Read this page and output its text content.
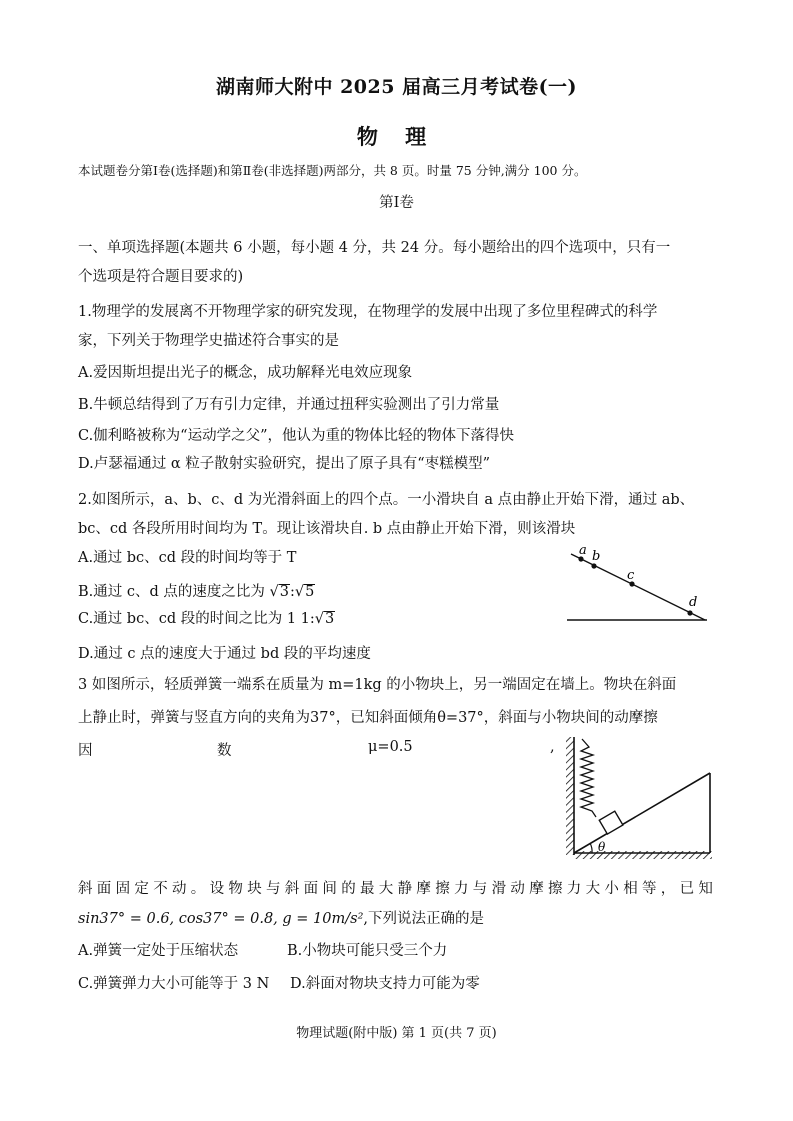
湖南师大附中 2025 届高三月考试卷(一)
物 理
本试题卷分第Ⅰ卷(选择题)和第Ⅱ卷(非选择题)两部分，共 8 页。时量 75 分钟,满分 100 分。
第Ⅰ卷
一、单项选择题(本题共 6 小题，每小题 4 分，共 24 分。每小题给出的四个选项中，只有一
个选项是符合题目要求的)
1.物理学的发展离不开物理学家的研究发现，在物理学的发展中出现了多位里程碑式的科学
家，下列关于物理学史描述符合事实的是
A.爱因斯坦提出光子的概念，成功解释光电效应现象
B.牛顿总结得到了万有引力定律，并通过扭秤实验测出了引力常量
C.伽利略被称为“运动学之父”，他认为重的物体比轻的物体下落得快
D.卢瑟福通过 α 粒子散射实验研究，提出了原子具有“枣糕模型”
2.如图所示，a、b、c、d 为光滑斜面上的四个点。一小滑块自 a 点由静止开始下滑，通过 ab、
bc、cd 各段所用时间均为 T。现让该滑块自. b 点由静止开始下滑，则该滑块
A.通过 bc、cd 段的时间均等于 T
B.通过 c、d 点的速度之比为 √3:√5
C.通过 bc、cd 段的时间之比为 1 1:√3
D.通过 c 点的速度大于通过 bd 段的平均速度
a b
c
d
3 如图所示，轻质弹簧一端系在质量为 m=1kg 的小物块上，另一端固定在墙上。物块在斜面
上静止时，弹簧与竖直方向的夹角为37°，已知斜面倾角θ=37°，斜面与小物块间的动摩擦
因	数	μ=0.5	,
θ
斜面固定不动。设物块与斜面间的最大静摩擦力与滑动摩擦力大小相等，已知
sin37° = 0.6, cos37° = 0.8, g = 10m/s²,下列说法正确的是
A.弹簧一定处于压缩状态	B.小物块可能只受三个力
C.弹簧弹力大小可能等于 3 N D.斜面对物块支持力可能为零
物理试题(附中版) 第 1 页(共 7 页)
